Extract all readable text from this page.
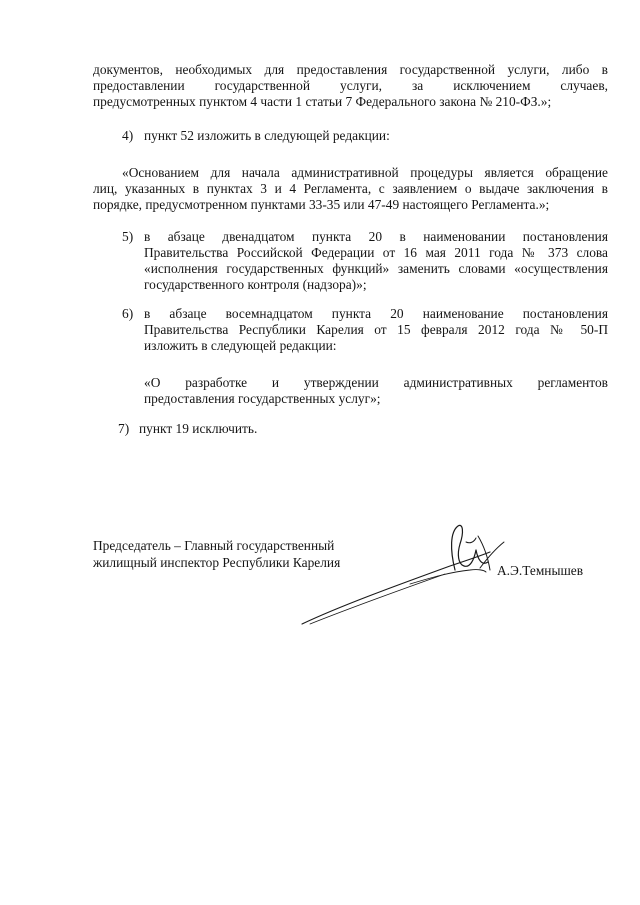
документов, необходимых для предоставления государственной услуги, либо в
предоставлении государственной услуги, за исключением случаев,
предусмотренных пунктом 4 части 1 статьи 7 Федерального закона № 210-ФЗ.»;
4) пункт 52 изложить в следующей редакции:
«Основанием для начала административной процедуры является обращение
лиц, указанных в пунктах 3 и 4 Регламента, с заявлением о выдаче заключения в
порядке, предусмотренном пунктами 33-35 или 47-49 настоящего Регламента.»;
5) в абзаце двенадцатом пункта 20 в наименовании постановления
Правительства Российской Федерации от 16 мая 2011 года № 373 слова
«исполнения государственных функций» заменить словами «осуществления
государственного контроля (надзора)»;
6) в абзаце восемнадцатом пункта 20 наименование постановления
Правительства Республики Карелия от 15 февраля 2012 года № 50-П
изложить в следующей редакции:
«О разработке и утверждении административных регламентов
предоставления государственных услуг»;
7) пункт 19 исключить.
Председатель – Главный государственный
жилищный инспектор Республики Карелия
А.Э.Темнышев
